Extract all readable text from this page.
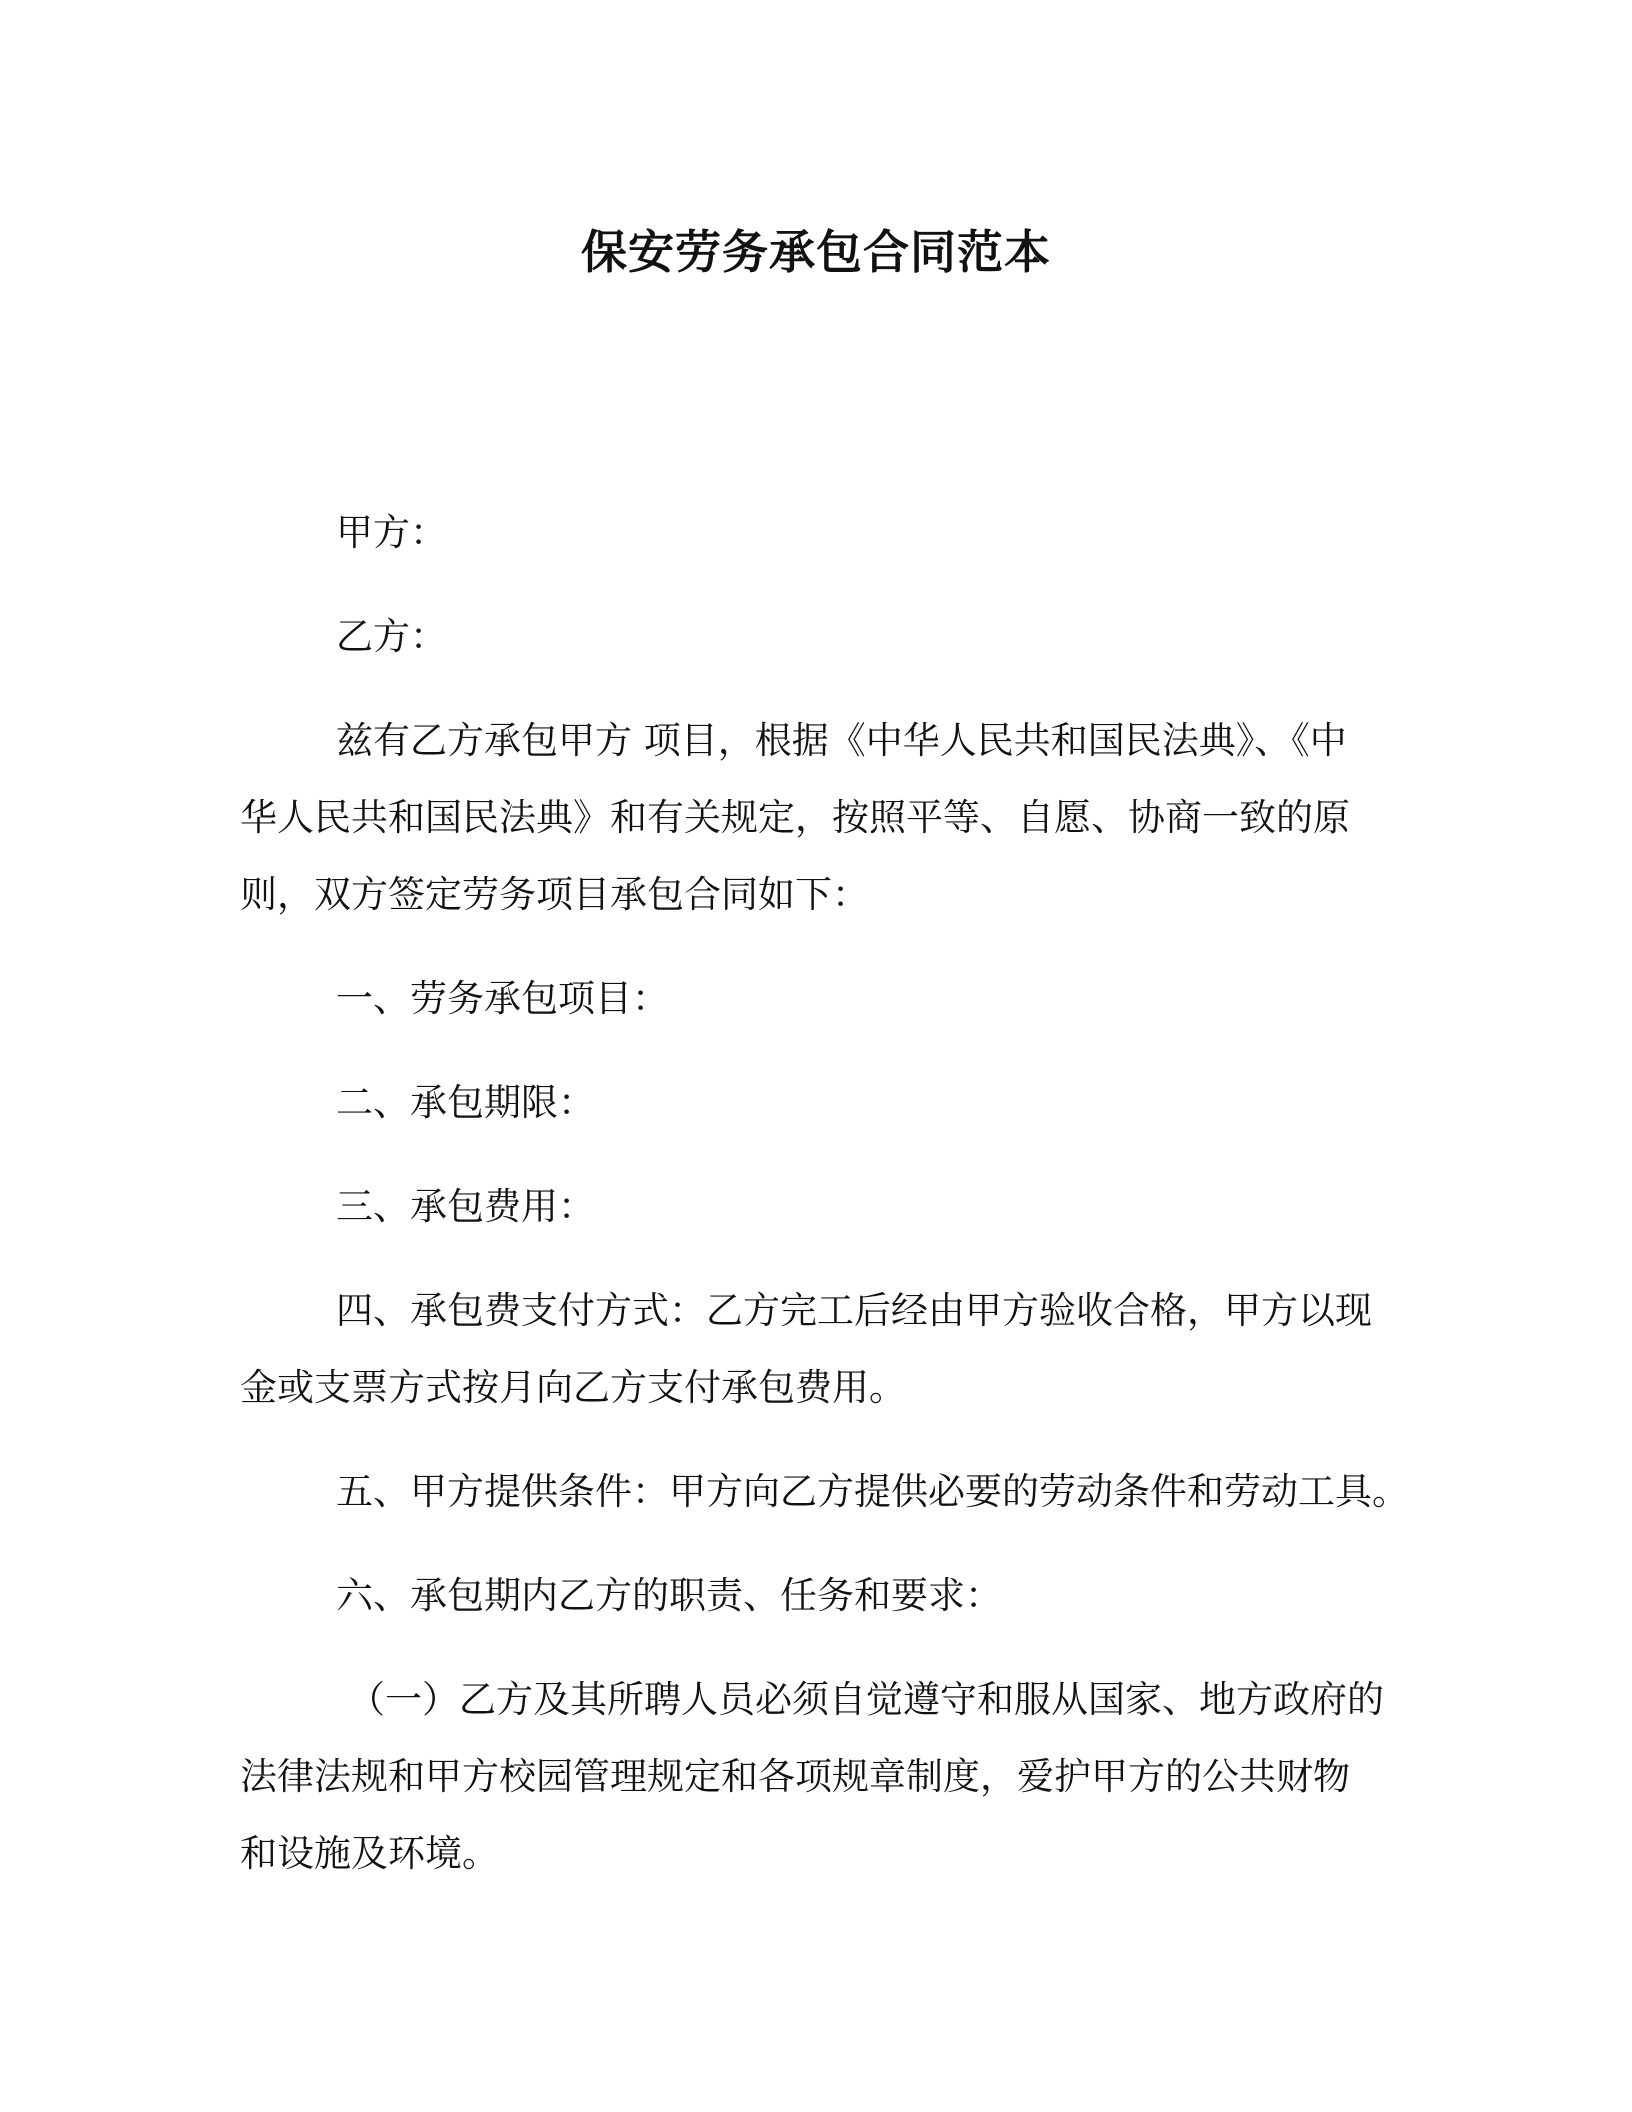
保安劳务承包合同范本
甲方：
乙方：
兹有乙方承包甲方 项目，根据《中华人民共和国民法典》、《中
华人民共和国民法典》和有关规定，按照平等、自愿、协商一致的原
则，双方签定劳务项目承包合同如下：
一、劳务承包项目：
二、承包期限：
三、承包费用：
四、承包费支付方式：乙方完工后经由甲方验收合格，甲方以现
金或支票方式按月向乙方支付承包费用。
五、甲方提供条件：甲方向乙方提供必要的劳动条件和劳动工具。
六、承包期内乙方的职责、任务和要求：
（一）乙方及其所聘人员必须自觉遵守和服从国家、地方政府的
法律法规和甲方校园管理规定和各项规章制度，爱护甲方的公共财物
和设施及环境。
